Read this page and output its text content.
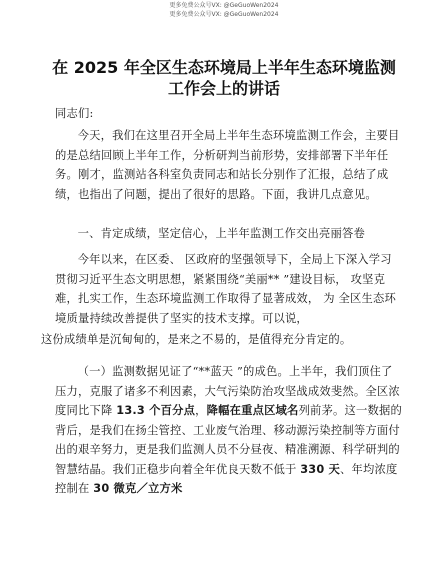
更多免费公众号VX: @GeGuoWen2024
更多免费公众号VX: @GeGuoWen2024
在 2025 年全区生态环境局上半年生态环境监测
工作会上的讲话
同志们:
今天，我们在这里召开全局上半年生态环境监测工作会，主要目的是总结回顾上半年工作，分析研判当前形势，安排部署下半年任务。刚才，监测站各科室负责同志和站长分别作了汇报，总结了成绩，也指出了问题，提出了很好的思路。下面，我讲几点意见。
一、肯定成绩，坚定信心，上半年监测工作交出亮丽答卷
今年以来，在区委、 区政府的坚强领导下，全局上下深入学习贯彻习近平生态文明思想，紧紧围绕“美丽** ”建设目标， 攻坚克难，扎实工作，生态环境监测工作取得了显著成效， 为 全区生态环境质量持续改善提供了坚实的技术支撑。可以说，
这份成绩单是沉甸甸的，是来之不易的，是值得充分肯定的。
（一）监测数据见证了“**蓝天 ”的成色。上半年，我们顶住了压力，克服了诸多不利因素，大气污染防治攻坚战成效斐然。全区浓度同比下降 13.3 个百分点，降幅在重点区域名列前茅。这一数据的背后，是我们在扬尘管控、工业废气治理、移动源污染控制等方面付出的艰辛努力，更是我们监测人员不分昼夜、精准溯源、科学研判的智慧结晶。我们正稳步向着全年优良天数不低于 330 天、年均浓度控制在 30 微克／立方米
